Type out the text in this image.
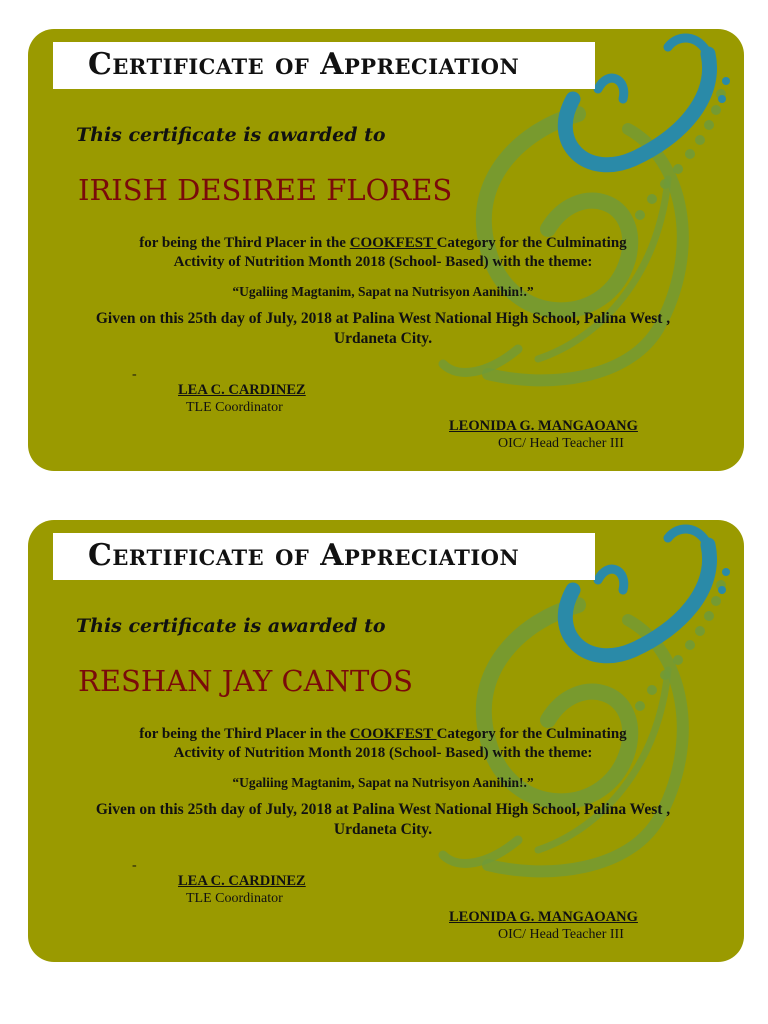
Certificate of Appreciation
This certificate is awarded to
IRISH DESIREE FLORES
for being the Third Placer in the COOKFEST Category for the Culminating
Activity of Nutrition Month 2018 (School- Based) with the theme:
“Ugaliing Magtanim, Sapat na Nutrisyon Aanihin!.”
Given on this 25th day of July, 2018 at Palina West National High School, Palina West , Urdaneta City.
-
LEA C. CARDINEZ
TLE Coordinator
LEONIDA G. MANGAOANG
OIC/ Head Teacher III
Certificate of Appreciation
This certificate is awarded to
RESHAN JAY CANTOS
for being the Third Placer in the COOKFEST Category for the Culminating
Activity of Nutrition Month 2018 (School- Based) with the theme:
“Ugaliing Magtanim, Sapat na Nutrisyon Aanihin!.”
Given on this 25th day of July, 2018 at Palina West National High School, Palina West , Urdaneta City.
-
LEA C. CARDINEZ
TLE Coordinator
LEONIDA G. MANGAOANG
OIC/ Head Teacher III
